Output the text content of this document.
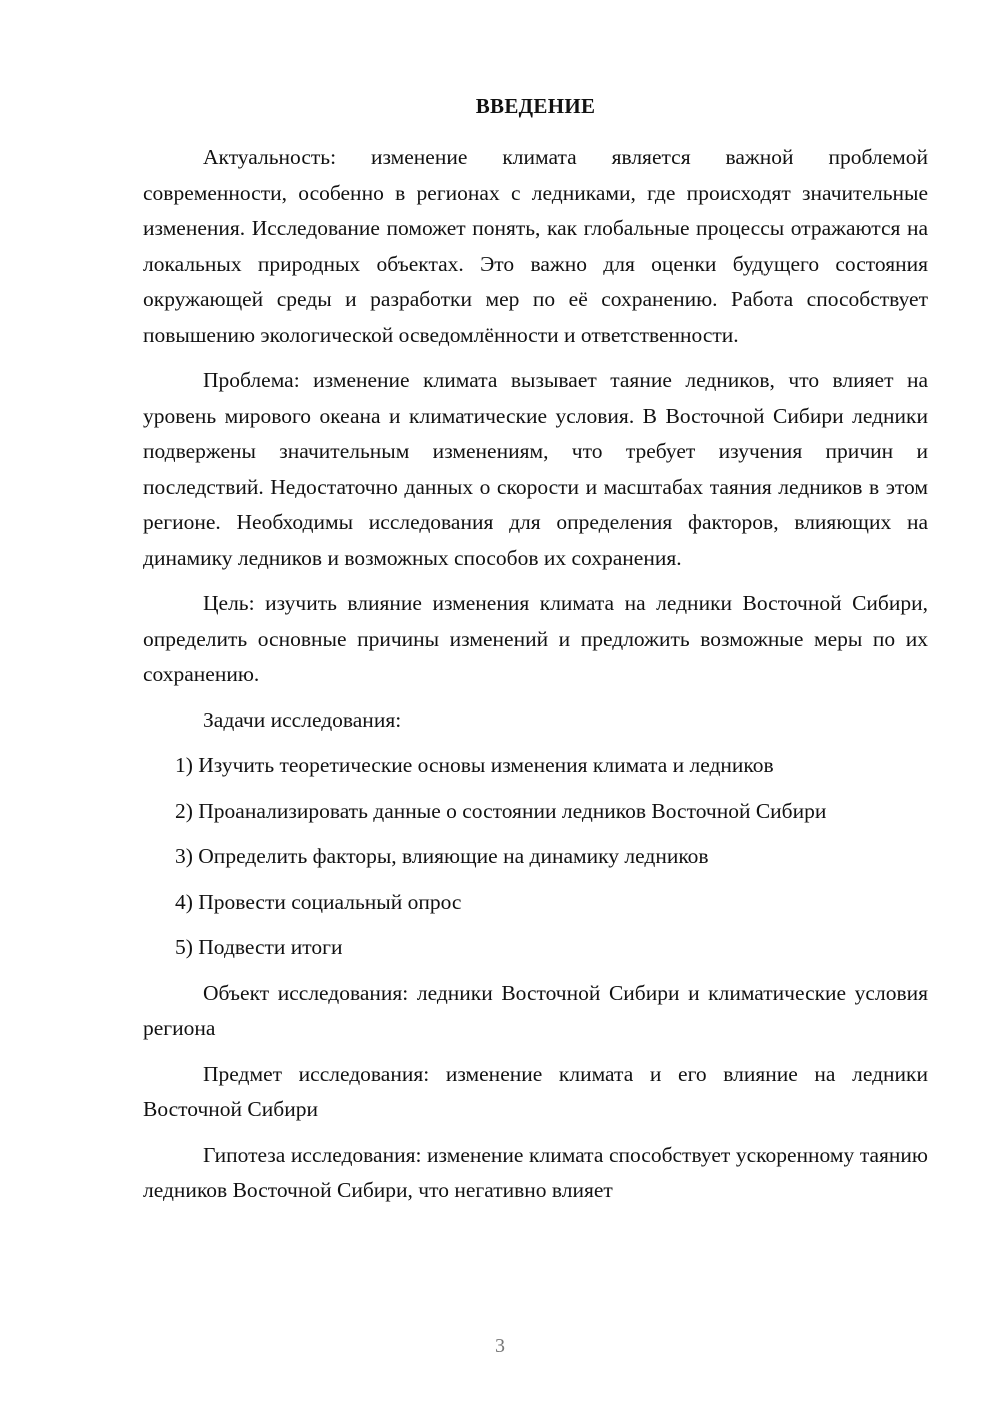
ВВЕДЕНИЕ

Актуальность: изменение климата является важной проблемой современности, особенно в регионах с ледниками, где происходят значительные изменения. Исследование поможет понять, как глобальные процессы отражаются на локальных природных объектах. Это важно для оценки будущего состояния окружающей среды и разработки мер по её сохранению. Работа способствует повышению экологической осведомлённости и ответственности.

Проблема: изменение климата вызывает таяние ледников, что влияет на уровень мирового океана и климатические условия. В Восточной Сибири ледники подвержены значительным изменениям, что требует изучения причин и последствий. Недостаточно данных о скорости и масштабах таяния ледников в этом регионе. Необходимы исследования для определения факторов, влияющих на динамику ледников и возможных способов их сохранения.

Цель: изучить влияние изменения климата на ледники Восточной Сибири, определить основные причины изменений и предложить возможные меры по их сохранению.

Задачи исследования:

1) Изучить теоретические основы изменения климата и ледников

2) Проанализировать данные о состоянии ледников Восточной Сибири

3) Определить факторы, влияющие на динамику ледников

4) Провести социальный опрос

5) Подвести итоги

Объект исследования: ледники Восточной Сибири и климатические условия региона

Предмет исследования: изменение климата и его влияние на ледники Восточной Сибири

Гипотеза исследования: изменение климата способствует ускоренному таянию ледников Восточной Сибири, что негативно влияет

3
